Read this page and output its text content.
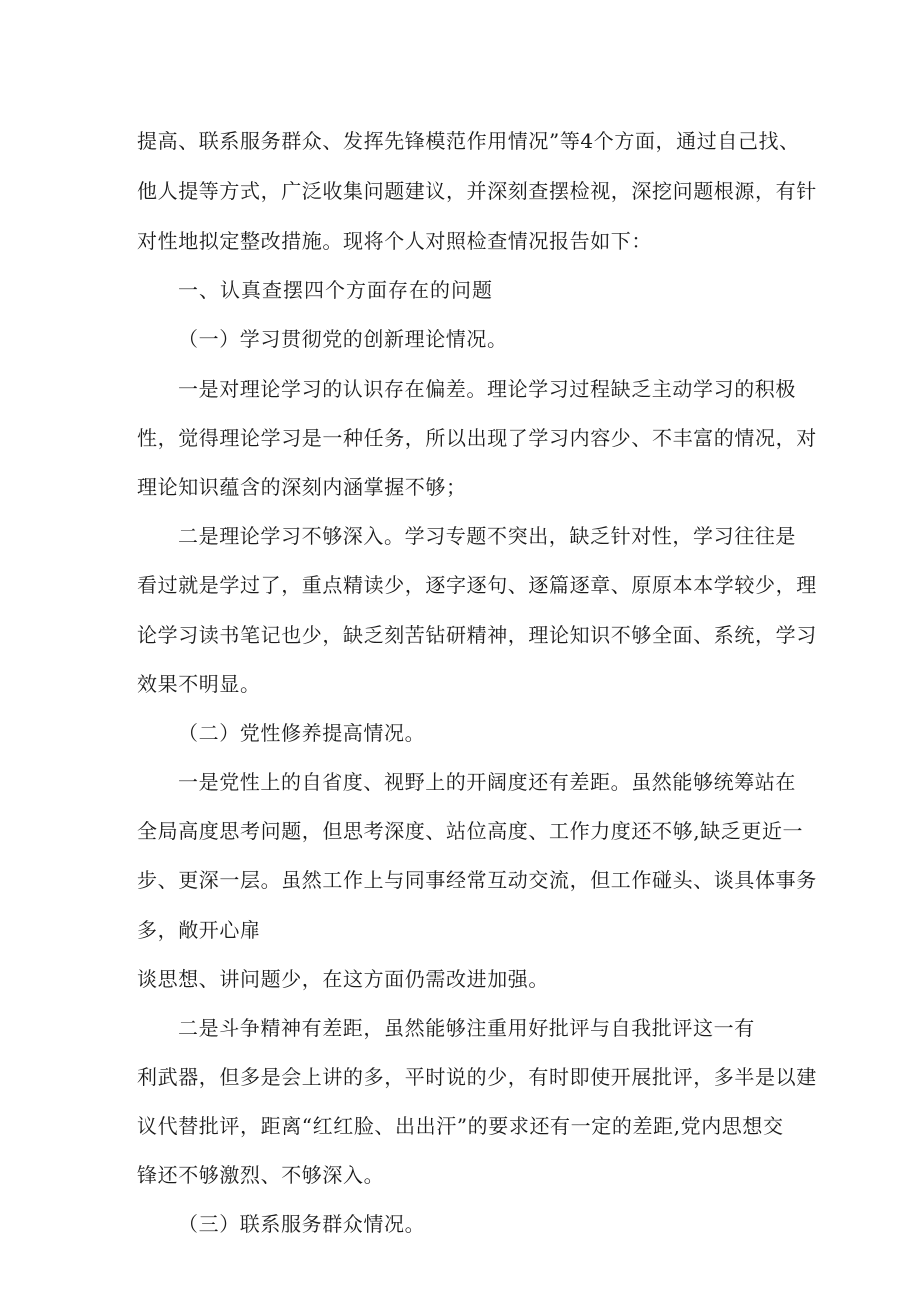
提高、联系服务群众、发挥先锋模范作用情况”等4个方面，通过自己找、
他人提等方式，广泛收集问题建议，并深刻查摆检视，深挖问题根源，有针
对性地拟定整改措施。现将个人对照检查情况报告如下：
一、认真查摆四个方面存在的问题
（一）学习贯彻党的创新理论情况。
一是对理论学习的认识存在偏差。理论学习过程缺乏主动学习的积极
性，觉得理论学习是一种任务，所以出现了学习内容少、不丰富的情况，对
理论知识蕴含的深刻内涵掌握不够；
二是理论学习不够深入。学习专题不突出，缺乏针对性，学习往往是
看过就是学过了，重点精读少，逐字逐句、逐篇逐章、原原本本学较少，理
论学习读书笔记也少，缺乏刻苦钻研精神，理论知识不够全面、系统，学习
效果不明显。
（二）党性修养提高情况。
一是党性上的自省度、视野上的开阔度还有差距。虽然能够统筹站在
全局高度思考问题，但思考深度、站位高度、工作力度还不够,缺乏更近一
步、更深一层。虽然工作上与同事经常互动交流，但工作碰头、谈具体事务
多，敞开心扉
谈思想、讲问题少，在这方面仍需改进加强。
二是斗争精神有差距，虽然能够注重用好批评与自我批评这一有
利武器，但多是会上讲的多，平时说的少，有时即使开展批评，多半是以建
议代替批评，距离“红红脸、出出汗”的要求还有一定的差距,党内思想交
锋还不够激烈、不够深入。
（三）联系服务群众情况。
